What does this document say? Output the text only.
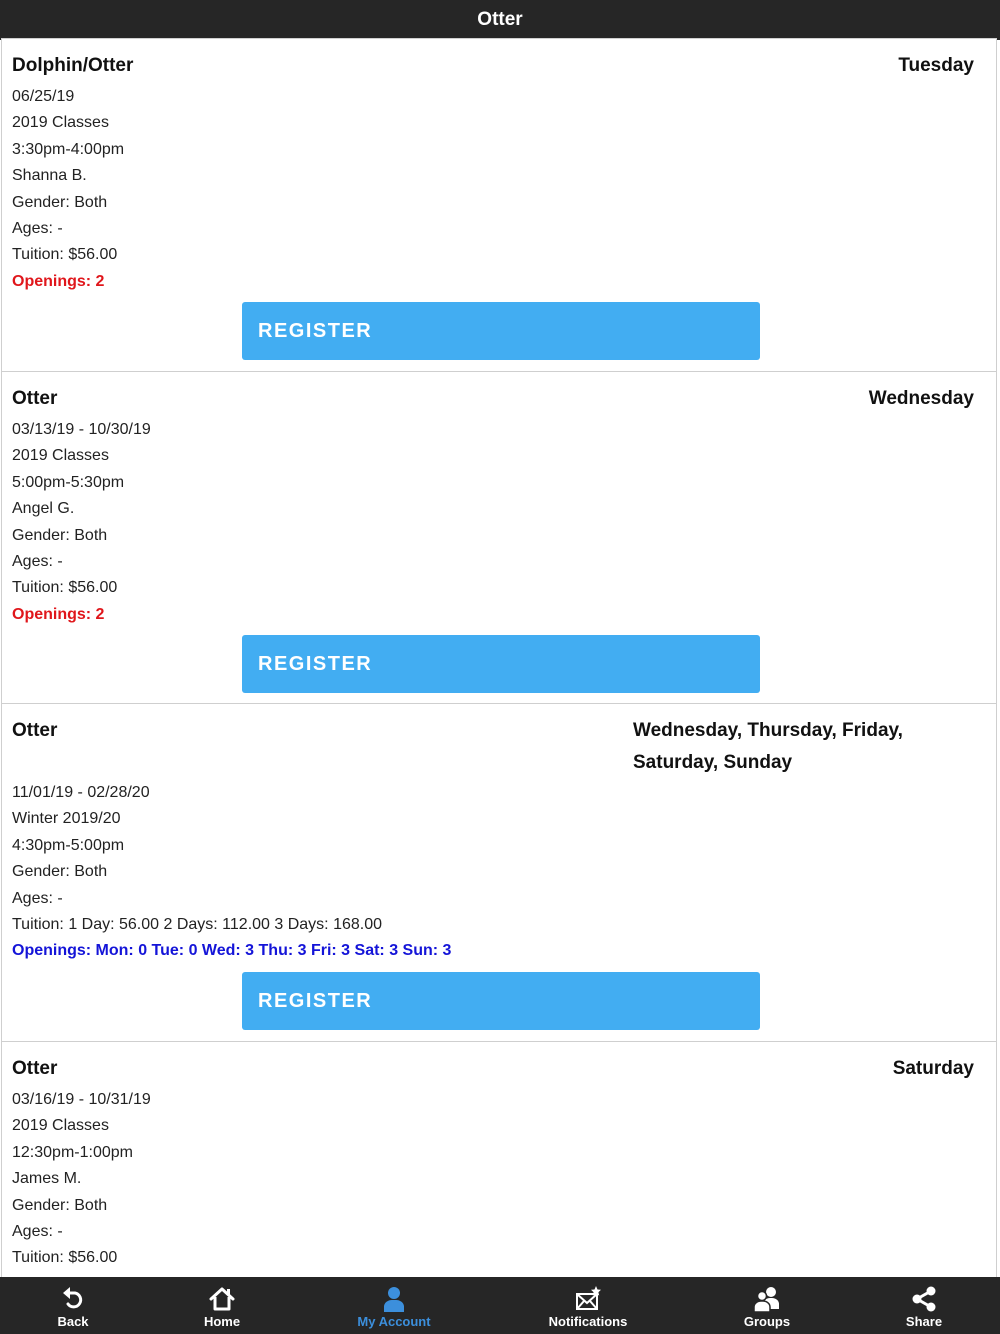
Otter
Dolphin/Otter	Tuesday
06/25/19
2019 Classes
3:30pm-4:00pm
Shanna B.
Gender: Both
Ages: -
Tuition: $56.00
Openings: 2
REGISTER
Otter	Wednesday
03/13/19 - 10/30/19
2019 Classes
5:00pm-5:30pm
Angel G.
Gender: Both
Ages: -
Tuition: $56.00
Openings: 2
REGISTER
Otter	Wednesday, Thursday, Friday, Saturday, Sunday
11/01/19 - 02/28/20
Winter 2019/20
4:30pm-5:00pm
Gender: Both
Ages: -
Tuition: 1 Day: 56.00 2 Days: 112.00 3 Days: 168.00
Openings: Mon: 0 Tue: 0 Wed: 3 Thu: 3 Fri: 3 Sat: 3 Sun: 3
REGISTER
Otter	Saturday
03/16/19 - 10/31/19
2019 Classes
12:30pm-1:00pm
James M.
Gender: Both
Ages: -
Tuition: $56.00
Back	Home	My Account	Notifications	Groups	Share
